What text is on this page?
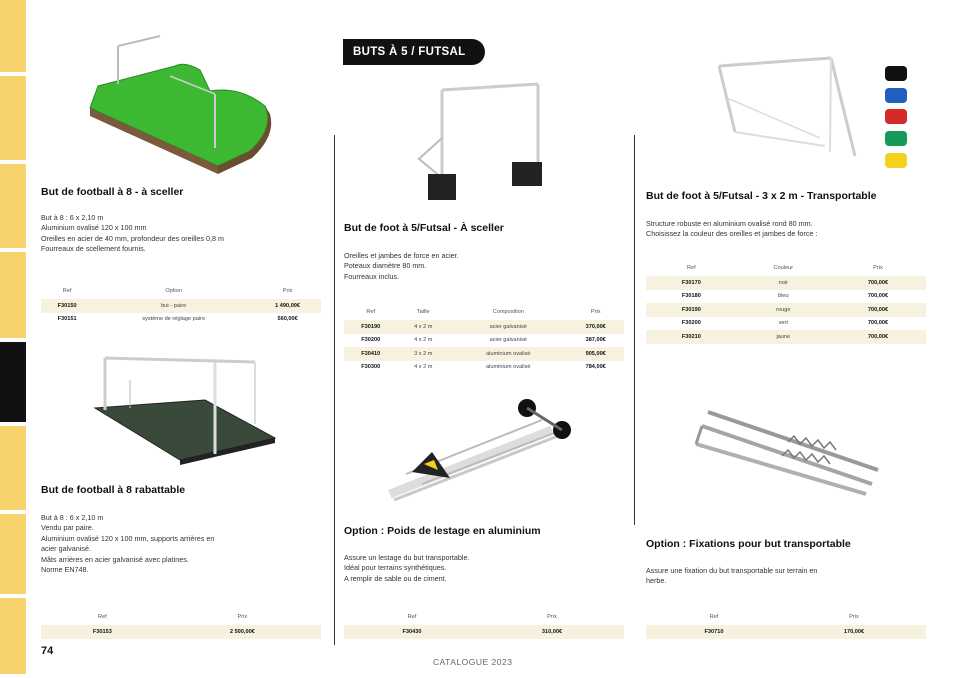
But de football à 8 - à sceller
But à 8 : 6 x 2,10 m
Aluminium ovalisé 120 x 100 mm
Oreilles en acier de 40 mm, profondeur des oreilles 0,8 m
Fourreaux de scellement fournis.
Ref	Option	Prix
F30150	but - paire	1 490,00€
F30151	système de réglage paire	560,00€
But de football à 8 rabattable
But à 8 : 6 x 2,10 m
Vendu par paire.
Aluminium ovalisé 120 x 100 mm, supports arrières en
acier galvanisé.
Mâts arrières en acier galvanisé avec platines.
Norme EN748.
Ref	Prix
F30153	2 500,00€
BUTS À 5 / FUTSAL
But de foot à 5/Futsal - À sceller
Oreilles et jambes de force en acier.
Poteaux diamètre 80 mm.
Fourreaux inclus.
Ref	Taille	Composition	Prix
F30190	4 x 2 m	acier galvanisé	370,00€
F30200	4 x 2 m	acier galvanisé	387,00€
F30410	3 x 2 m	aluminium ovalisé	905,00€
F30300	4 x 2 m	aluminium ovalisé	784,00€
Option : Poids de lestage en aluminium
Assure un lestage du but transportable.
Idéal pour terrains synthétiques.
A remplir de sable ou de ciment.
Ref	Prix
F30430	310,00€
But de foot à 5/Futsal - 3 x 2 m - Transportable
Structure robuste en aluminium ovalisé rond 80 mm.
Choisissez la couleur des oreilles et jambes de force :
Ref	Couleur	Prix
F30170	noir	700,00€
F30180	bleu	700,00€
F30190	rouge	700,00€
F30200	vert	700,00€
F30210	jaune	700,00€
Option : Fixations pour but transportable
Assure une fixation du but transportable sur terrain en
herbe.
Ref	Prix
F30710	170,00€
74
CATALOGUE 2023
